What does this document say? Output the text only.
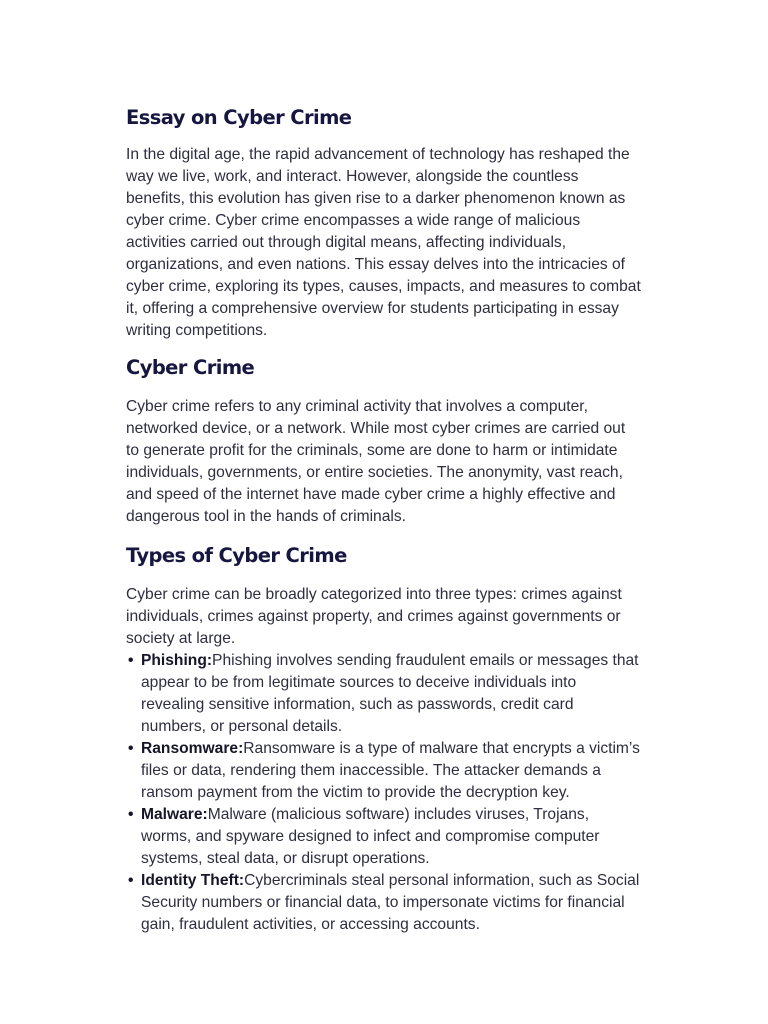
Essay on Cyber Crime

In the digital age, the rapid advancement of technology has reshaped the way we live, work, and interact. However, alongside the countless benefits, this evolution has given rise to a darker phenomenon known as cyber crime. Cyber crime encompasses a wide range of malicious activities carried out through digital means, affecting individuals, organizations, and even nations. This essay delves into the intricacies of cyber crime, exploring its types, causes, impacts, and measures to combat it, offering a comprehensive overview for students participating in essay writing competitions.

Cyber Crime

Cyber crime refers to any criminal activity that involves a computer, networked device, or a network. While most cyber crimes are carried out to generate profit for the criminals, some are done to harm or intimidate individuals, governments, or entire societies. The anonymity, vast reach, and speed of the internet have made cyber crime a highly effective and dangerous tool in the hands of criminals.

Types of Cyber Crime

Cyber crime can be broadly categorized into three types: crimes against individuals, crimes against property, and crimes against governments or society at large.

• Phishing:Phishing involves sending fraudulent emails or messages that appear to be from legitimate sources to deceive individuals into revealing sensitive information, such as passwords, credit card numbers, or personal details.
• Ransomware:Ransomware is a type of malware that encrypts a victim’s files or data, rendering them inaccessible. The attacker demands a ransom payment from the victim to provide the decryption key.
• Malware:Malware (malicious software) includes viruses, Trojans, worms, and spyware designed to infect and compromise computer systems, steal data, or disrupt operations.
• Identity Theft:Cybercriminals steal personal information, such as Social Security numbers or financial data, to impersonate victims for financial gain, fraudulent activities, or accessing accounts.
